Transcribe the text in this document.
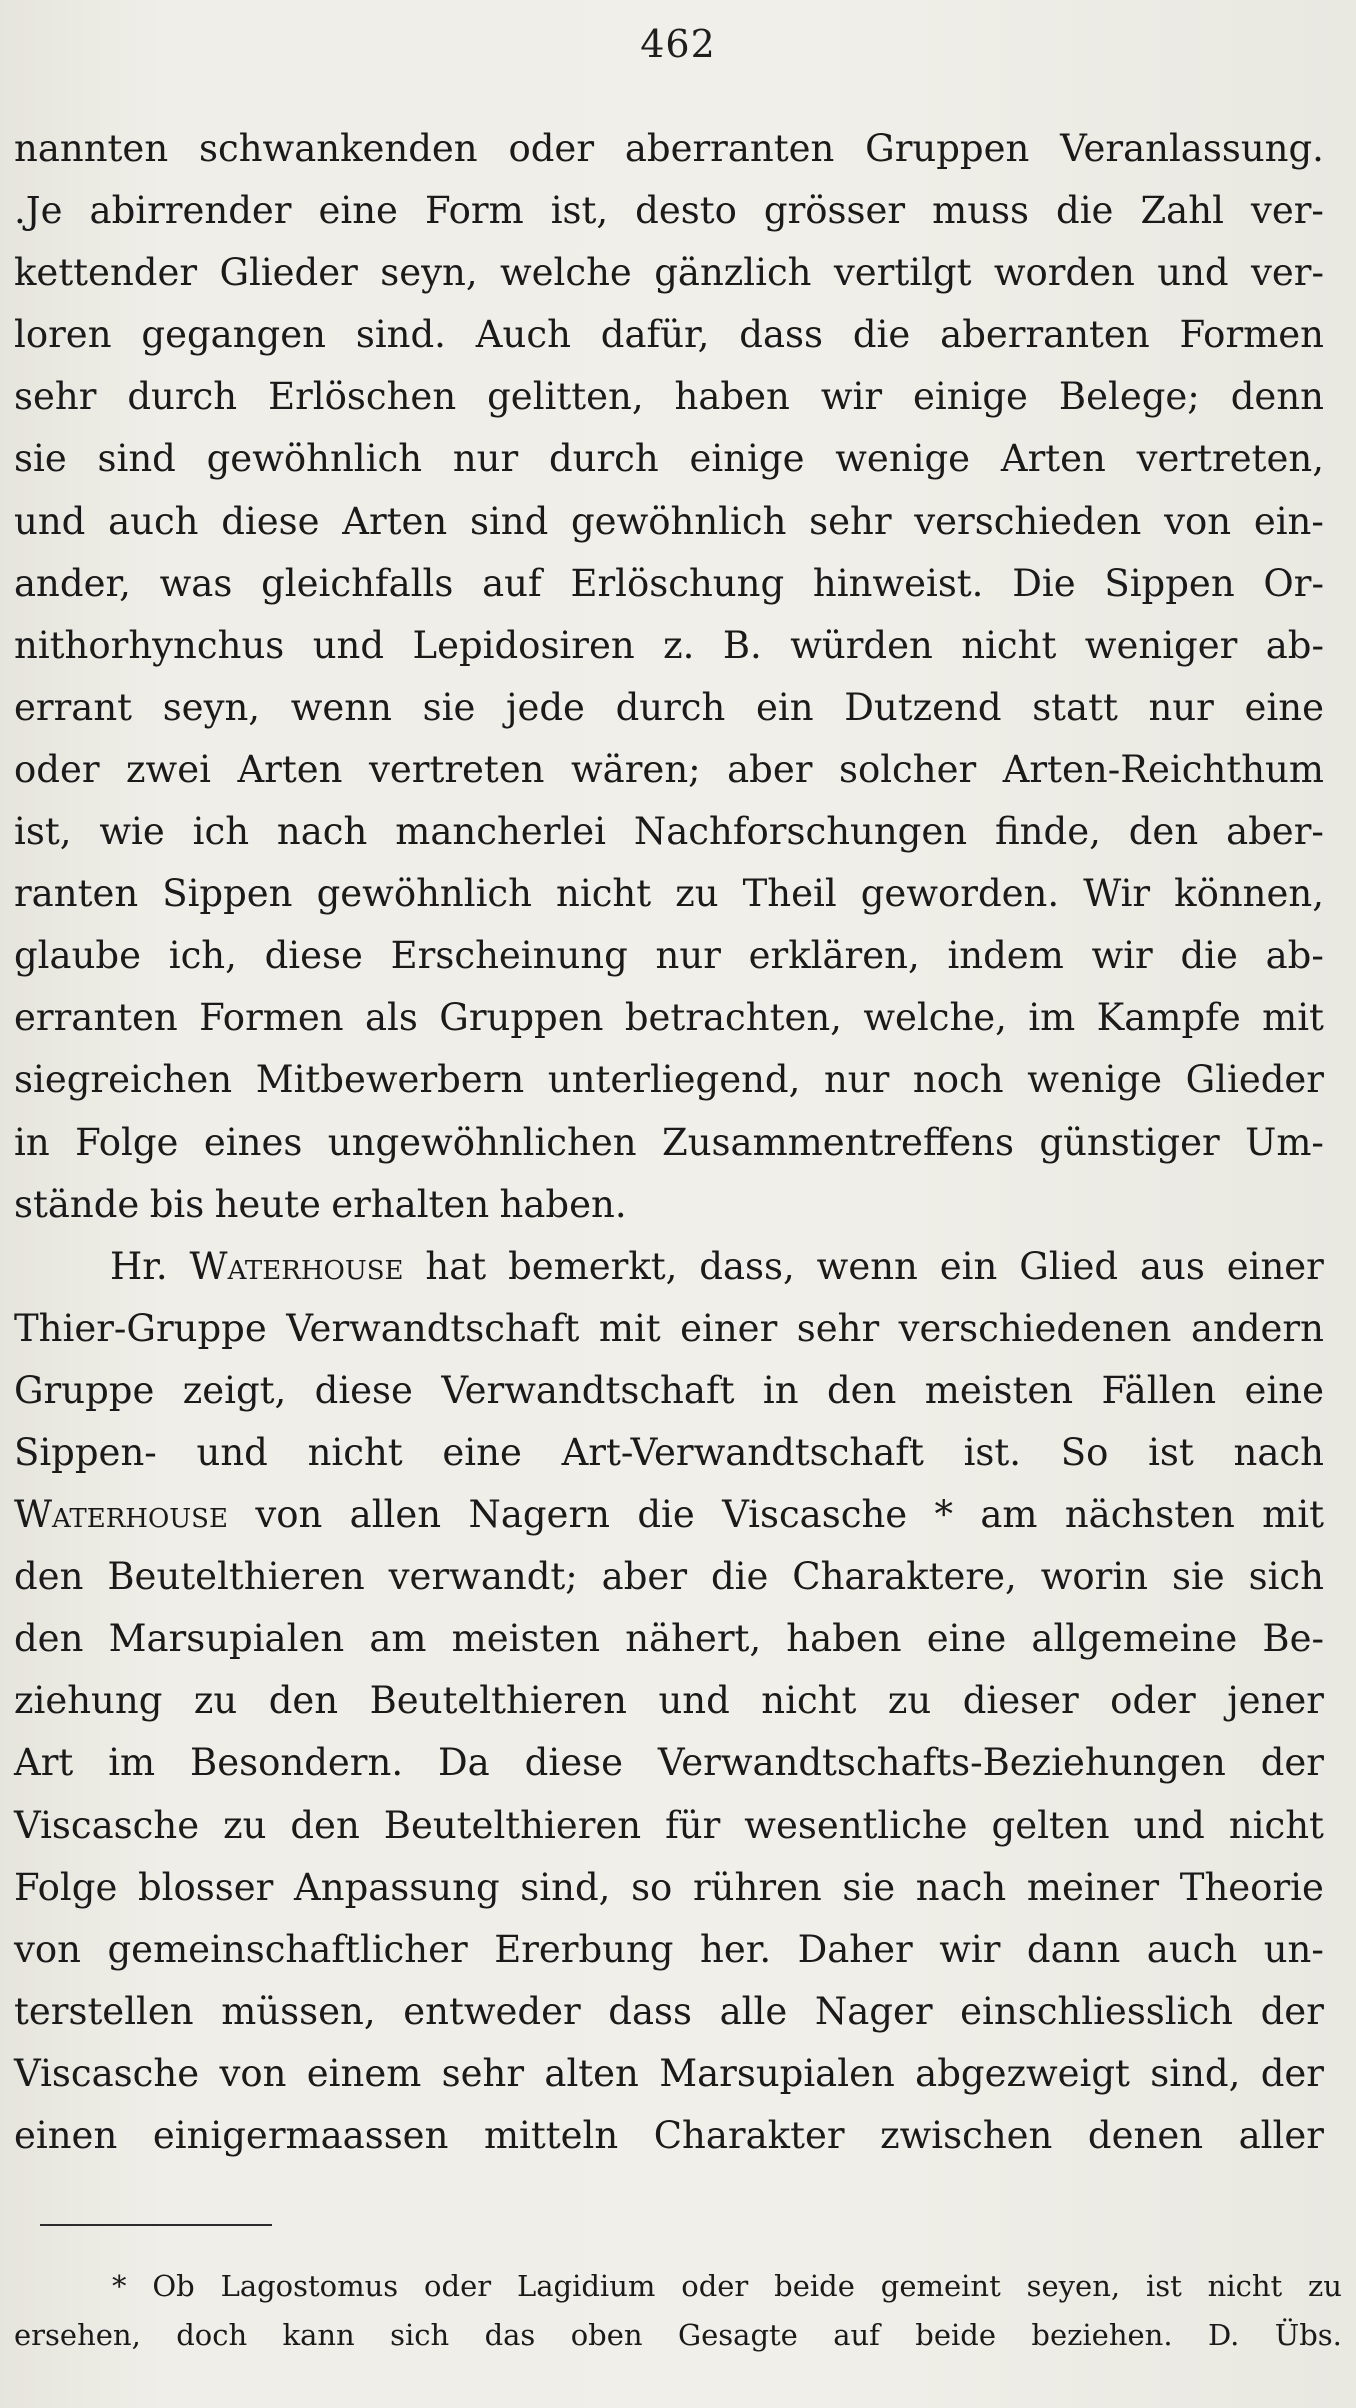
462
nannten schwankenden oder aberranten Gruppen Veranlassung.
.Je abirrender eine Form ist, desto grösser muss die Zahl ver-
kettender Glieder seyn, welche gänzlich vertilgt worden und ver-
loren gegangen sind. Auch dafür, dass die aberranten Formen
sehr durch Erlöschen gelitten, haben wir einige Belege; denn
sie sind gewöhnlich nur durch einige wenige Arten vertreten,
und auch diese Arten sind gewöhnlich sehr verschieden von ein-
ander, was gleichfalls auf Erlöschung hinweist. Die Sippen Or-
nithorhynchus und Lepidosiren z. B. würden nicht weniger ab-
errant seyn, wenn sie jede durch ein Dutzend statt nur eine
oder zwei Arten vertreten wären; aber solcher Arten-Reichthum
ist, wie ich nach mancherlei Nachforschungen finde, den aber-
ranten Sippen gewöhnlich nicht zu Theil geworden. Wir können,
glaube ich, diese Erscheinung nur erklären, indem wir die ab-
erranten Formen als Gruppen betrachten, welche, im Kampfe mit
siegreichen Mitbewerbern unterliegend, nur noch wenige Glieder
in Folge eines ungewöhnlichen Zusammentreffens günstiger Um-
stände bis heute erhalten haben.
Hr. Waterhouse hat bemerkt, dass, wenn ein Glied aus einer
Thier-Gruppe Verwandtschaft mit einer sehr verschiedenen andern
Gruppe zeigt, diese Verwandtschaft in den meisten Fällen eine
Sippen- und nicht eine Art-Verwandtschaft ist. So ist nach
Waterhouse von allen Nagern die Viscasche * am nächsten mit
den Beutelthieren verwandt; aber die Charaktere, worin sie sich
den Marsupialen am meisten nähert, haben eine allgemeine Be-
ziehung zu den Beutelthieren und nicht zu dieser oder jener
Art im Besondern. Da diese Verwandtschafts-Beziehungen der
Viscasche zu den Beutelthieren für wesentliche gelten und nicht
Folge blosser Anpassung sind, so rühren sie nach meiner Theorie
von gemeinschaftlicher Ererbung her. Daher wir dann auch un-
terstellen müssen, entweder dass alle Nager einschliesslich der
Viscasche von einem sehr alten Marsupialen abgezweigt sind, der
einen einigermaassen mitteln Charakter zwischen denen aller
* Ob Lagostomus oder Lagidium oder beide gemeint seyen, ist nicht zu
ersehen, doch kann sich das oben Gesagte auf beide beziehen. D. Übs.
